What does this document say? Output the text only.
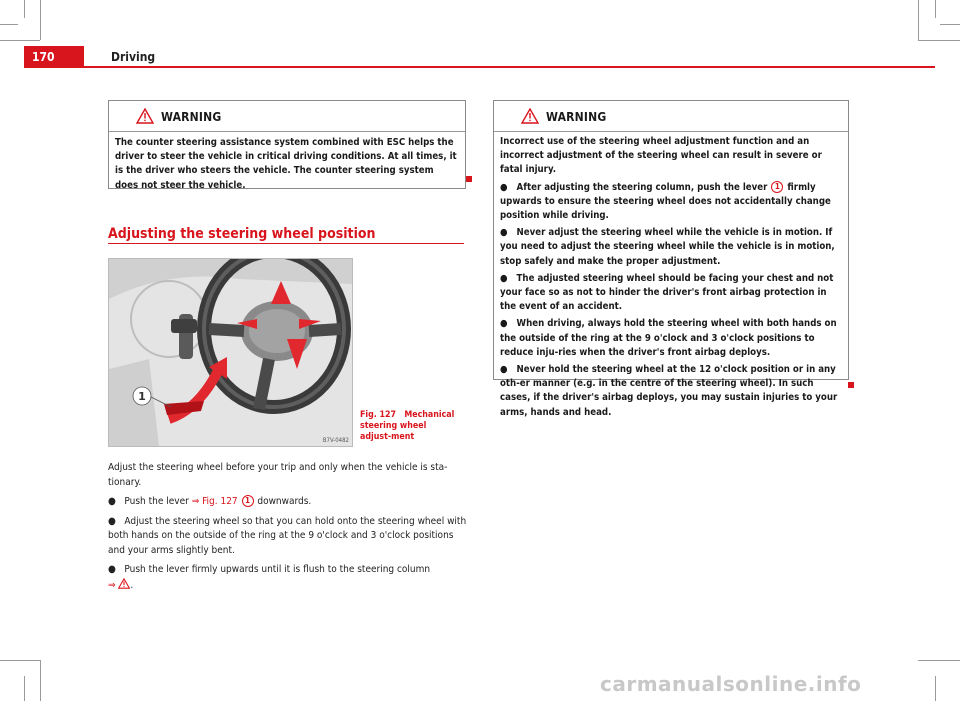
170	Driving
WARNING

The counter steering assistance system combined with ESC helps the driver to steer the vehicle in critical driving conditions. At all times, it is the driver who steers the vehicle. The counter steering system does not steer the vehicle.

Adjusting the steering wheel position
1
B7V-0482
Fig. 127 Mechanical steering wheel adjust-ment
Adjust the steering wheel before your trip and only when the vehicle is sta-tionary.
●   Push the lever ⇒ Fig. 127 1 downwards.
●   Adjust the steering wheel so that you can hold onto the steering wheel with both hands on the outside of the ring at the 9 o'clock and 3 o'clock positions and your arms slightly bent.
●   Push the lever firmly upwards until it is flush to the steering column
⇒ .
WARNING

Incorrect use of the steering wheel adjustment function and an incorrect adjustment of the steering wheel can result in severe or fatal injury.

●   After adjusting the steering column, push the lever 1 firmly upwards to ensure the steering wheel does not accidentally change position while driving.

●   Never adjust the steering wheel while the vehicle is in motion. If you need to adjust the steering wheel while the vehicle is in motion, stop safely and make the proper adjustment.

●   The adjusted steering wheel should be facing your chest and not your face so as not to hinder the driver's front airbag protection in the event of an accident.

●   When driving, always hold the steering wheel with both hands on the outside of the ring at the 9 o'clock and 3 o'clock positions to reduce inju-ries when the driver's front airbag deploys.

●   Never hold the steering wheel at the 12 o'clock position or in any oth-er manner (e.g. in the centre of the steering wheel). In such cases, if the driver's airbag deploys, you may sustain injuries to your arms, hands and head.

carmanualsonline.info
